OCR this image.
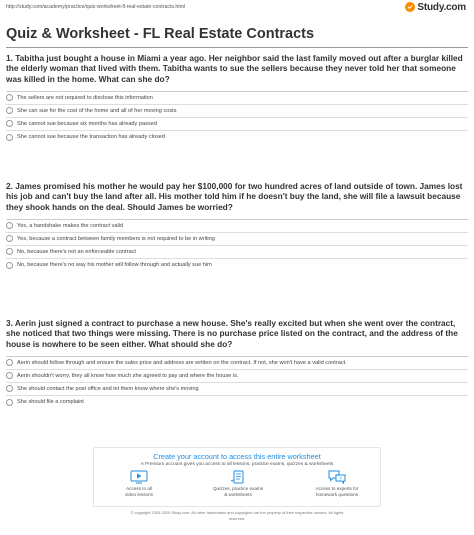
http://study.com/academy/practice/quiz-worksheet-fl-real-estate-contracts.html	Study.com
Quiz & Worksheet - FL Real Estate Contracts
1. Tabitha just bought a house in Miami a year ago. Her neighbor said the last family moved out after a burglar killed the elderly woman that lived with them. Tabitha wants to sue the sellers because they never told her that someone was killed in the home. What can she do?
The sellers are not required to disclose this information
She can sue for the cost of the home and all of her moving costs
She cannot sue because six months has already passed
She cannot sue because the transaction has already closed
2. James promised his mother he would pay her $100,000 for two hundred acres of land outside of town. James lost his job and can't buy the land after all. His mother told him if he doesn't buy the land, she will file a lawsuit because they shook hands on the deal. Should James be worried?
Yes, a handshake makes the contract valid
Yes, because a contract between family members is not required to be in writing
No, because there's not an enforceable contract
No, because there's no way his mother will follow through and actually sue him
3. Aerin just signed a contract to purchase a new house. She's really excited but when she went over the contract, she noticed that two things were missing. There is no purchase price listed on the contract, and the address of the house is nowhere to be seen either. What should she do?
Aerin should follow through and ensure the sales price and address are written on the contract. If not, she won't have a valid contract.
Aerin shouldn't worry, they all know how much she agreed to pay and where the house is.
She should contact the post office and let them know where she's moving
She should file a complaint
Create your account to access this entire worksheet
A Premium account gives you access to all lessons, practice exams, quizzes & worksheets
Access to all
video lessons
Quizzes, practice exams
& worksheets
?
Access to experts for
homework questions
© copyright 2003-2020 Study.com. All other trademarks and copyrights are the property of their respective owners. All rights
reserved.
